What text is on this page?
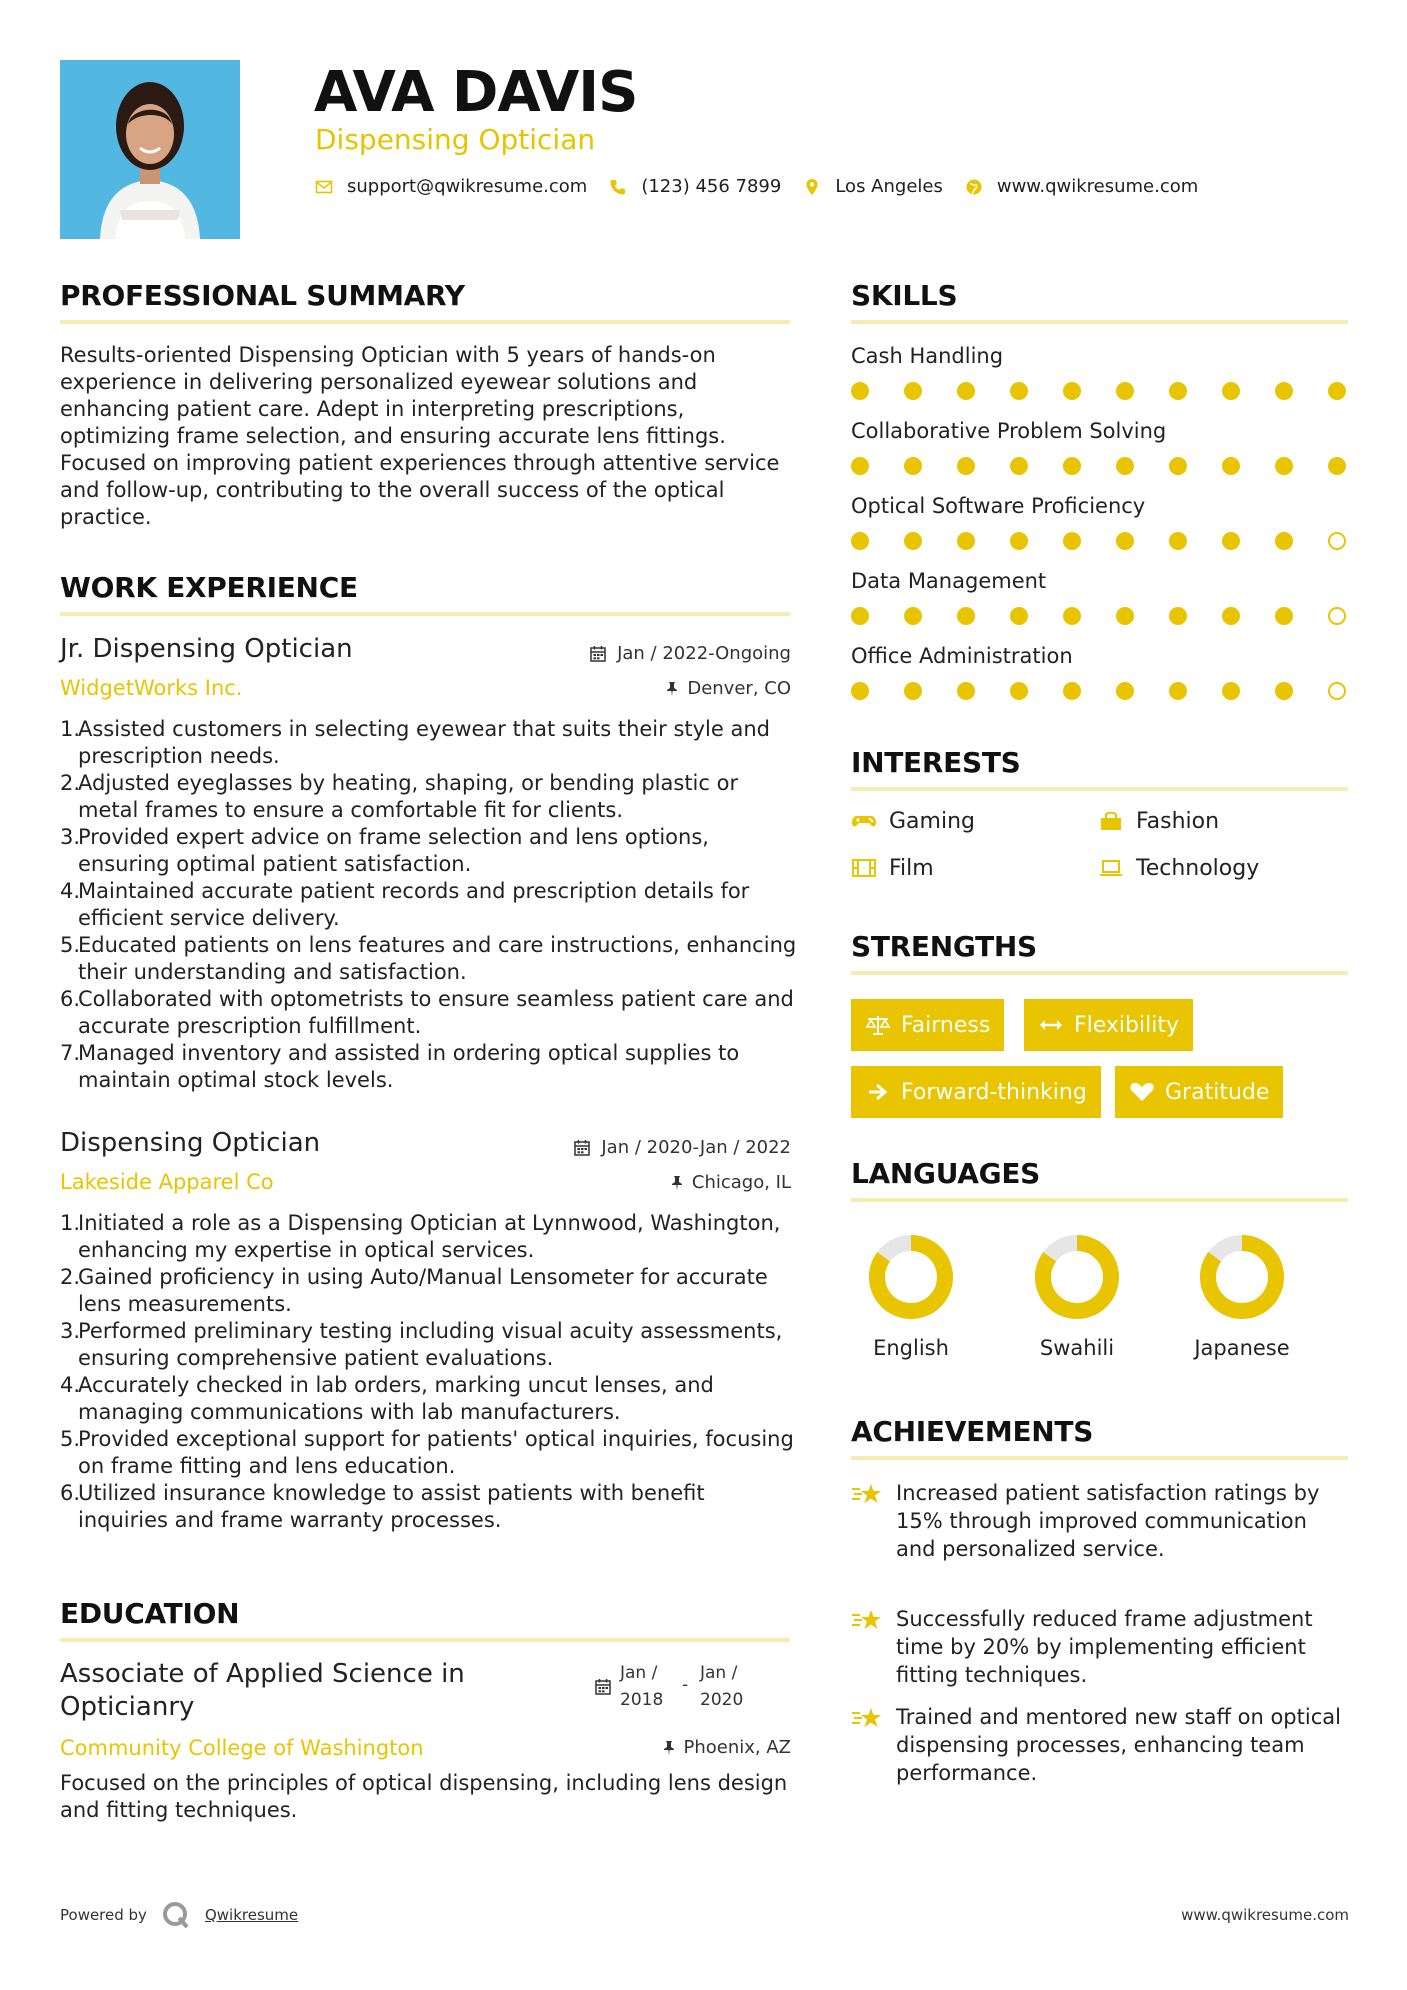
AVA DAVIS
Dispensing Optician
support@qwikresume.com	(123) 456 7899	Los Angeles	www.qwikresume.com
PROFESSIONAL SUMMARY
Results-oriented Dispensing Optician with 5 years of hands-on experience in delivering personalized eyewear solutions and enhancing patient care. Adept in interpreting prescriptions, optimizing frame selection, and ensuring accurate lens fittings. Focused on improving patient experiences through attentive service and follow-up, contributing to the overall success of the optical practice.
WORK EXPERIENCE
Jr. Dispensing Optician	Jan / 2022-Ongoing
WidgetWorks Inc.	Denver, CO
1.
Assisted customers in selecting eyewear that suits their style and prescription needs.
2.
Adjusted eyeglasses by heating, shaping, or bending plastic or metal frames to ensure a comfortable fit for clients.
3.
Provided expert advice on frame selection and lens options, ensuring optimal patient satisfaction.
4.
Maintained accurate patient records and prescription details for efficient service delivery.
5.
Educated patients on lens features and care instructions, enhancing their understanding and satisfaction.
6.
Collaborated with optometrists to ensure seamless patient care and accurate prescription fulfillment.
7.
Managed inventory and assisted in ordering optical supplies to maintain optimal stock levels.
Dispensing Optician	Jan / 2020-Jan / 2022
Lakeside Apparel Co	Chicago, IL
1.
Initiated a role as a Dispensing Optician at Lynnwood, Washington, enhancing my expertise in optical services.
2.
Gained proficiency in using Auto/Manual Lensometer for accurate lens measurements.
3.
Performed preliminary testing including visual acuity assessments, ensuring comprehensive patient evaluations.
4.
Accurately checked in lab orders, marking uncut lenses, and managing communications with lab manufacturers.
5.
Provided exceptional support for patients' optical inquiries, focusing on frame fitting and lens education.
6.
Utilized insurance knowledge to assist patients with benefit inquiries and frame warranty processes.
EDUCATION
Associate of Applied Science in Opticianry
Jan /
2018
-
Jan /
2020
Community College of Washington	Phoenix, AZ
Focused on the principles of optical dispensing, including lens design and fitting techniques.
SKILLS
Cash Handling
Collaborative Problem Solving
Optical Software Proficiency
Data Management
Office Administration
INTERESTS
Gaming	Fashion
Film	Technology
STRENGTHS
Fairness	Flexibility
Forward-thinking	Gratitude
LANGUAGES
English	Swahili	Japanese
ACHIEVEMENTS
Increased patient satisfaction ratings by 15% through improved communication and personalized service.
Successfully reduced frame adjustment time by 20% by implementing efficient fitting techniques.
Trained and mentored new staff on optical dispensing processes, enhancing team performance.
Powered by	Qwikresume	www.qwikresume.com
